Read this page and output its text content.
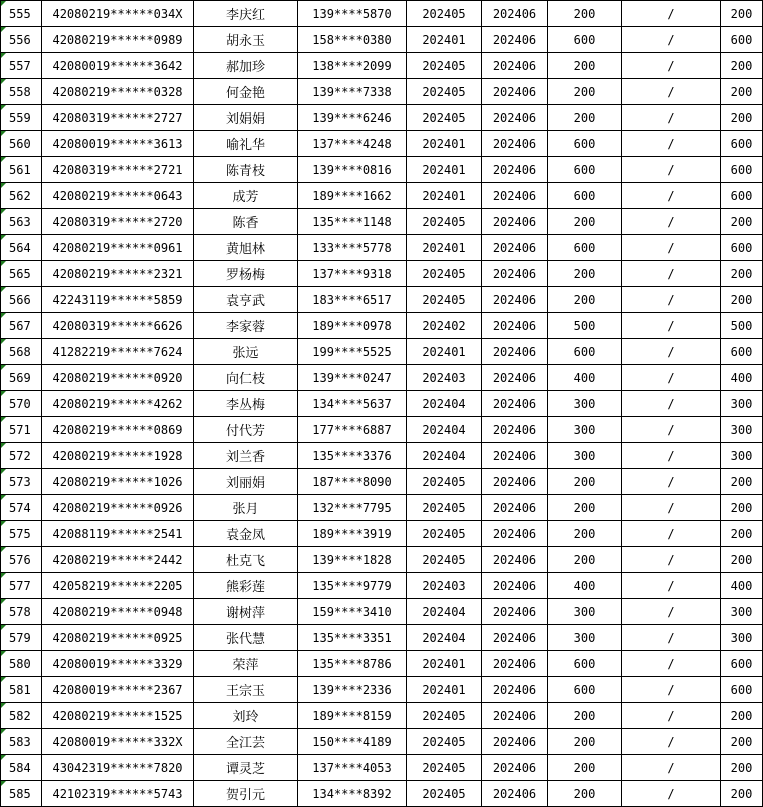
555	42080219******034X	李庆红	139****5870	202405	202406	200	/	200
556	42080219******0989	胡永玉	158****0380	202401	202406	600	/	600
557	42080019******3642	郝加珍	138****2099	202405	202406	200	/	200
558	42080219******0328	何金艳	139****7338	202405	202406	200	/	200
559	42080319******2727	刘娟娟	139****6246	202405	202406	200	/	200
560	42080019******3613	喻礼华	137****4248	202401	202406	600	/	600
561	42080319******2721	陈青枝	139****0816	202401	202406	600	/	600
562	42080219******0643	成芳	189****1662	202401	202406	600	/	600
563	42080319******2720	陈香	135****1148	202405	202406	200	/	200
564	42080219******0961	黄旭林	133****5778	202401	202406	600	/	600
565	42080219******2321	罗杨梅	137****9318	202405	202406	200	/	200
566	42243119******5859	袁亨武	183****6517	202405	202406	200	/	200
567	42080319******6626	李家蓉	189****0978	202402	202406	500	/	500
568	41282219******7624	张远	199****5525	202401	202406	600	/	600
569	42080219******0920	向仁枝	139****0247	202403	202406	400	/	400
570	42080219******4262	李丛梅	134****5637	202404	202406	300	/	300
571	42080219******0869	付代芳	177****6887	202404	202406	300	/	300
572	42080219******1928	刘兰香	135****3376	202404	202406	300	/	300
573	42080219******1026	刘丽娟	187****8090	202405	202406	200	/	200
574	42080219******0926	张月	132****7795	202405	202406	200	/	200
575	42088119******2541	袁金凤	189****3919	202405	202406	200	/	200
576	42080219******2442	杜克飞	139****1828	202405	202406	200	/	200
577	42058219******2205	熊彩莲	135****9779	202403	202406	400	/	400
578	42080219******0948	谢树萍	159****3410	202404	202406	300	/	300
579	42080219******0925	张代慧	135****3351	202404	202406	300	/	300
580	42080019******3329	荣萍	135****8786	202401	202406	600	/	600
581	42080019******2367	王宗玉	139****2336	202401	202406	600	/	600
582	42080219******1525	刘玲	189****8159	202405	202406	200	/	200
583	42080019******332X	全江芸	150****4189	202405	202406	200	/	200
584	43042319******7820	谭灵芝	137****4053	202405	202406	200	/	200
585	42102319******5743	贺引元	134****8392	202405	202406	200	/	200
